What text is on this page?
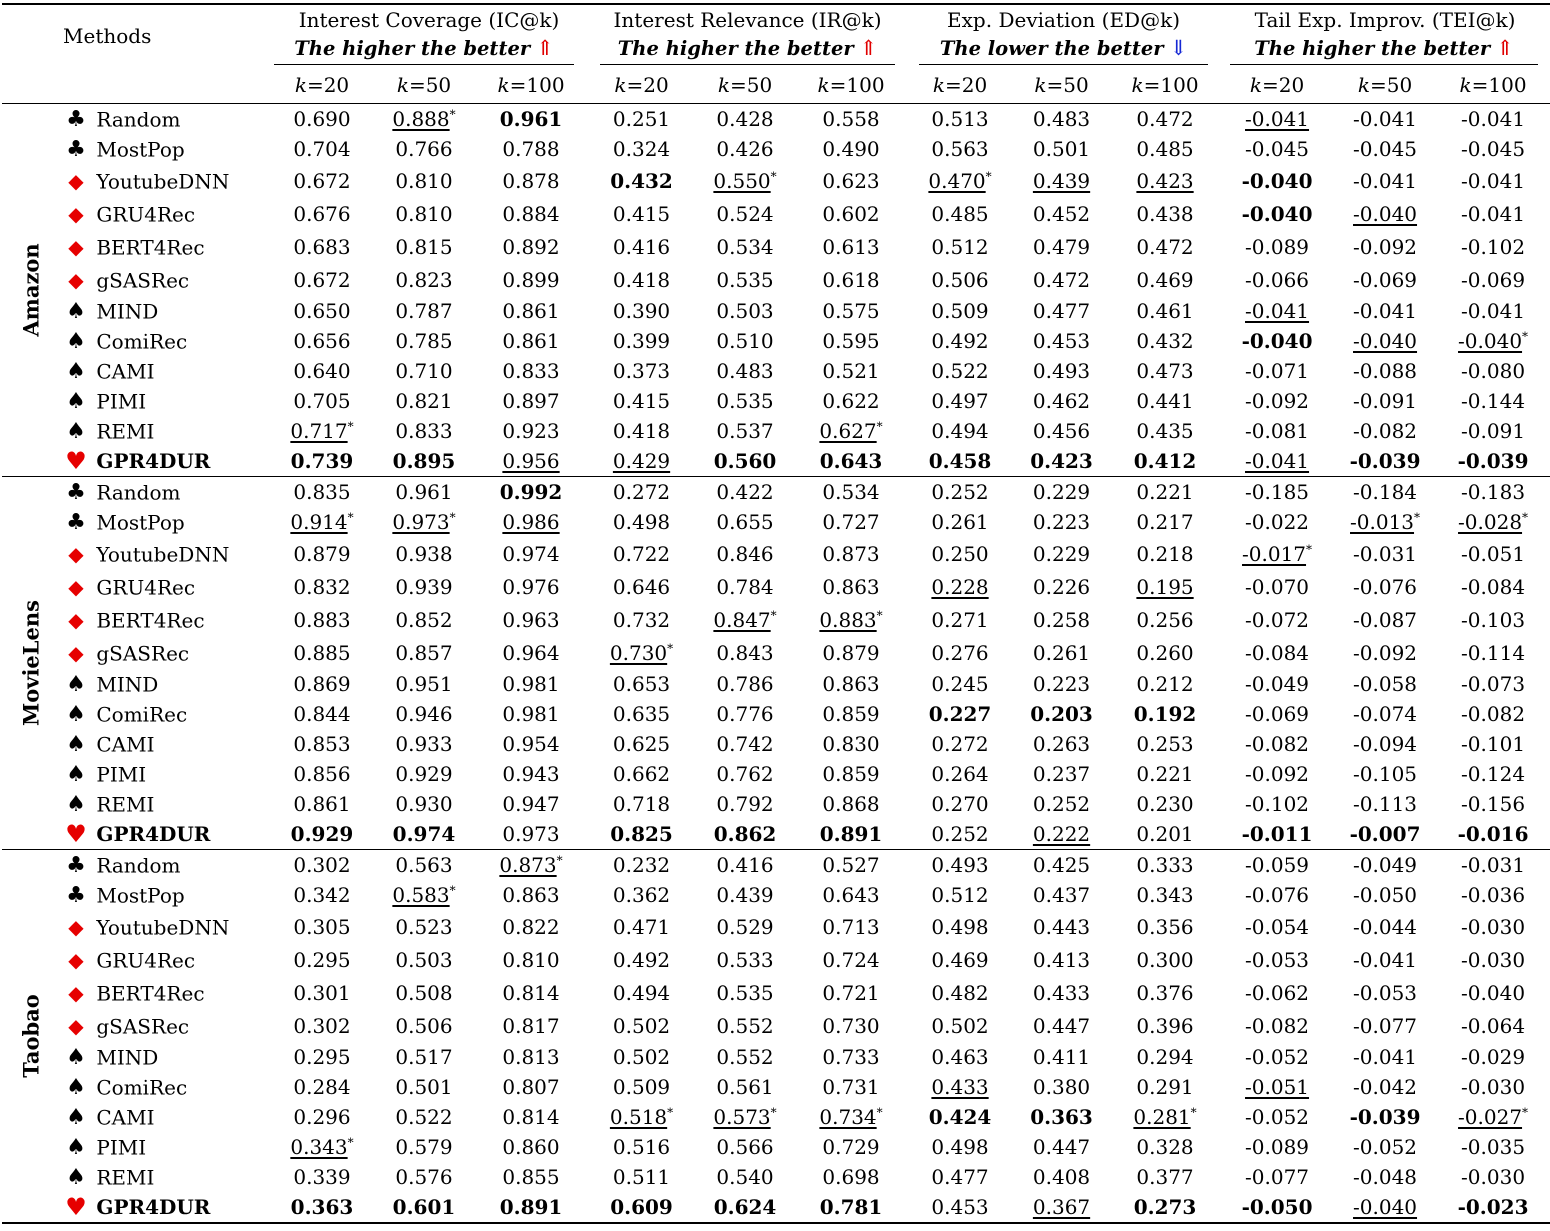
Methods		Interest Coverage (IC@k)			Interest Relevance (IR@k)			Exp. Deviation (ED@k)			Tail Exp. Improv. (TEI@k)		

		The higher the better ⇑			The higher the better ⇑			The lower the better ⇓			The higher the better ⇑		

		k=20	k=50	k=100	k=20	k=50	k=100	k=20	k=50	k=100	k=20	k=50	k=100

Amazon	♣ Random	0.690	0.888*	0.961	0.251	0.428	0.558	0.513	0.483	0.472	-0.041	-0.041	-0.041
	♣ MostPop	0.704	0.766	0.788	0.324	0.426	0.490	0.563	0.501	0.485	-0.045	-0.045	-0.045
	◆ YoutubeDNN	0.672	0.810	0.878	0.432	0.550*	0.623	0.470*	0.439	0.423	-0.040	-0.041	-0.041
	◆ GRU4Rec	0.676	0.810	0.884	0.415	0.524	0.602	0.485	0.452	0.438	-0.040	-0.040	-0.041
	◆ BERT4Rec	0.683	0.815	0.892	0.416	0.534	0.613	0.512	0.479	0.472	-0.089	-0.092	-0.102
	◆ gSASRec	0.672	0.823	0.899	0.418	0.535	0.618	0.506	0.472	0.469	-0.066	-0.069	-0.069
	♠ MIND	0.650	0.787	0.861	0.390	0.503	0.575	0.509	0.477	0.461	-0.041	-0.041	-0.041
	♠ ComiRec	0.656	0.785	0.861	0.399	0.510	0.595	0.492	0.453	0.432	-0.040	-0.040	-0.040*
	♠ CAMI	0.640	0.710	0.833	0.373	0.483	0.521	0.522	0.493	0.473	-0.071	-0.088	-0.080
	♠ PIMI	0.705	0.821	0.897	0.415	0.535	0.622	0.497	0.462	0.441	-0.092	-0.091	-0.144
	♠ REMI	0.717*	0.833	0.923	0.418	0.537	0.627*	0.494	0.456	0.435	-0.081	-0.082	-0.091
	♥ GPR4DUR	0.739	0.895	0.956	0.429	0.560	0.643	0.458	0.423	0.412	-0.041	-0.039	-0.039

MovieLens	♣ Random	0.835	0.961	0.992	0.272	0.422	0.534	0.252	0.229	0.221	-0.185	-0.184	-0.183
	♣ MostPop	0.914*	0.973*	0.986	0.498	0.655	0.727	0.261	0.223	0.217	-0.022	-0.013*	-0.028*
	◆ YoutubeDNN	0.879	0.938	0.974	0.722	0.846	0.873	0.250	0.229	0.218	-0.017*	-0.031	-0.051
	◆ GRU4Rec	0.832	0.939	0.976	0.646	0.784	0.863	0.228	0.226	0.195	-0.070	-0.076	-0.084
	◆ BERT4Rec	0.883	0.852	0.963	0.732	0.847*	0.883*	0.271	0.258	0.256	-0.072	-0.087	-0.103
	◆ gSASRec	0.885	0.857	0.964	0.730*	0.843	0.879	0.276	0.261	0.260	-0.084	-0.092	-0.114
	♠ MIND	0.869	0.951	0.981	0.653	0.786	0.863	0.245	0.223	0.212	-0.049	-0.058	-0.073
	♠ ComiRec	0.844	0.946	0.981	0.635	0.776	0.859	0.227	0.203	0.192	-0.069	-0.074	-0.082
	♠ CAMI	0.853	0.933	0.954	0.625	0.742	0.830	0.272	0.263	0.253	-0.082	-0.094	-0.101
	♠ PIMI	0.856	0.929	0.943	0.662	0.762	0.859	0.264	0.237	0.221	-0.092	-0.105	-0.124
	♠ REMI	0.861	0.930	0.947	0.718	0.792	0.868	0.270	0.252	0.230	-0.102	-0.113	-0.156
	♥ GPR4DUR	0.929	0.974	0.973	0.825	0.862	0.891	0.252	0.222	0.201	-0.011	-0.007	-0.016

Taobao	♣ Random	0.302	0.563	0.873*	0.232	0.416	0.527	0.493	0.425	0.333	-0.059	-0.049	-0.031
	♣ MostPop	0.342	0.583*	0.863	0.362	0.439	0.643	0.512	0.437	0.343	-0.076	-0.050	-0.036
	◆ YoutubeDNN	0.305	0.523	0.822	0.471	0.529	0.713	0.498	0.443	0.356	-0.054	-0.044	-0.030
	◆ GRU4Rec	0.295	0.503	0.810	0.492	0.533	0.724	0.469	0.413	0.300	-0.053	-0.041	-0.030
	◆ BERT4Rec	0.301	0.508	0.814	0.494	0.535	0.721	0.482	0.433	0.376	-0.062	-0.053	-0.040
	◆ gSASRec	0.302	0.506	0.817	0.502	0.552	0.730	0.502	0.447	0.396	-0.082	-0.077	-0.064
	♠ MIND	0.295	0.517	0.813	0.502	0.552	0.733	0.463	0.411	0.294	-0.052	-0.041	-0.029
	♠ ComiRec	0.284	0.501	0.807	0.509	0.561	0.731	0.433	0.380	0.291	-0.051	-0.042	-0.030
	♠ CAMI	0.296	0.522	0.814	0.518*	0.573*	0.734*	0.424	0.363	0.281*	-0.052	-0.039	-0.027*
	♠ PIMI	0.343*	0.579	0.860	0.516	0.566	0.729	0.498	0.447	0.328	-0.089	-0.052	-0.035
	♠ REMI	0.339	0.576	0.855	0.511	0.540	0.698	0.477	0.408	0.377	-0.077	-0.048	-0.030
	♥ GPR4DUR	0.363	0.601	0.891	0.609	0.624	0.781	0.453	0.367	0.273	-0.050	-0.040	-0.023
